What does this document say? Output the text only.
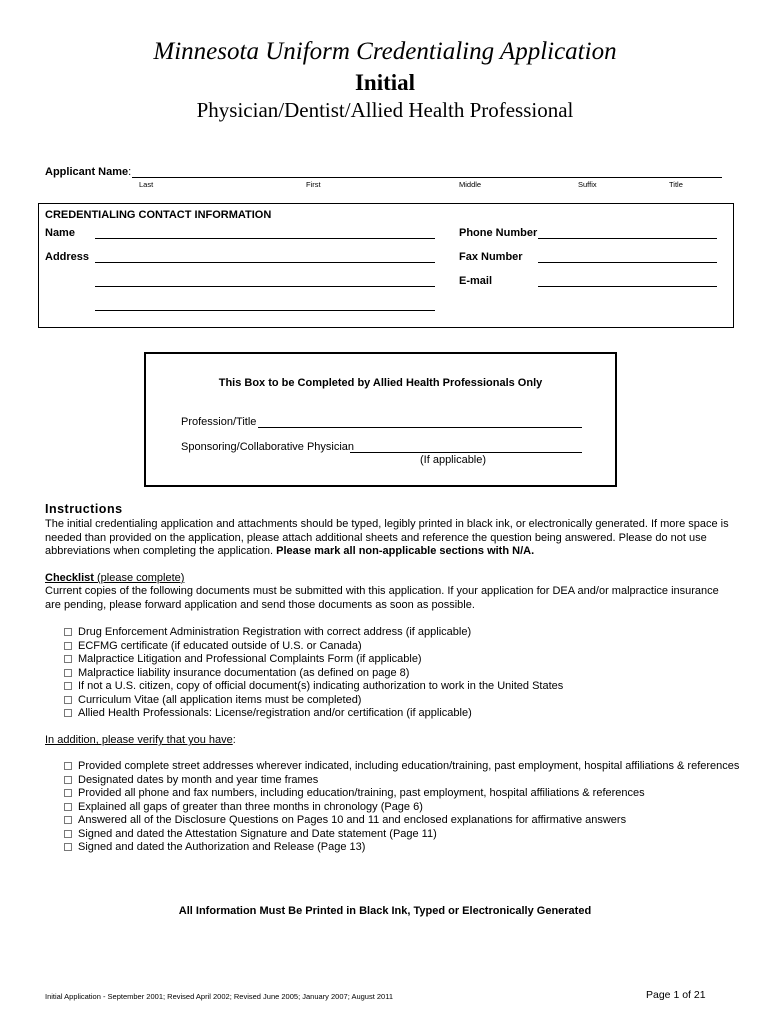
Minnesota Uniform Credentialing Application
Initial
Physician/Dentist/Allied Health Professional
Applicant Name:
Last	First	Middle	Suffix	Title
CREDENTIALING CONTACT INFORMATION
Name
Address
Phone Number
Fax Number
E-mail
This Box to be Completed by Allied Health Professionals Only
Profession/Title
Sponsoring/Collaborative Physician
(If applicable)
Instructions
The initial credentialing application and attachments should be typed, legibly printed in black ink, or electronically generated. If more space is needed than provided on the application, please attach additional sheets and reference the question being answered. Please do not use abbreviations when completing the application. Please mark all non-applicable sections with N/A.
Checklist (please complete)
Current copies of the following documents must be submitted with this application. If your application for DEA and/or malpractice insurance are pending, please forward application and send those documents as soon as possible.
Drug Enforcement Administration Registration with correct address (if applicable)
ECFMG certificate (if educated outside of U.S. or Canada)
Malpractice Litigation and Professional Complaints Form (if applicable)
Malpractice liability insurance documentation (as defined on page 8)
If not a U.S. citizen, copy of official document(s) indicating authorization to work in the United States
Curriculum Vitae (all application items must be completed)
Allied Health Professionals: License/registration and/or certification (if applicable)
In addition, please verify that you have:
Provided complete street addresses wherever indicated, including education/training, past employment, hospital affiliations & references
Designated dates by month and year time frames
Provided all phone and fax numbers, including education/training, past employment, hospital affiliations & references
Explained all gaps of greater than three months in chronology (Page 6)
Answered all of the Disclosure Questions on Pages 10 and 11 and enclosed explanations for affirmative answers
Signed and dated the Attestation Signature and Date statement (Page 11)
Signed and dated the Authorization and Release (Page 13)
All Information Must Be Printed in Black Ink, Typed or Electronically Generated
Initial Application - September 2001; Revised April 2002; Revised June 2005; January 2007; August 2011	Page 1 of 21
